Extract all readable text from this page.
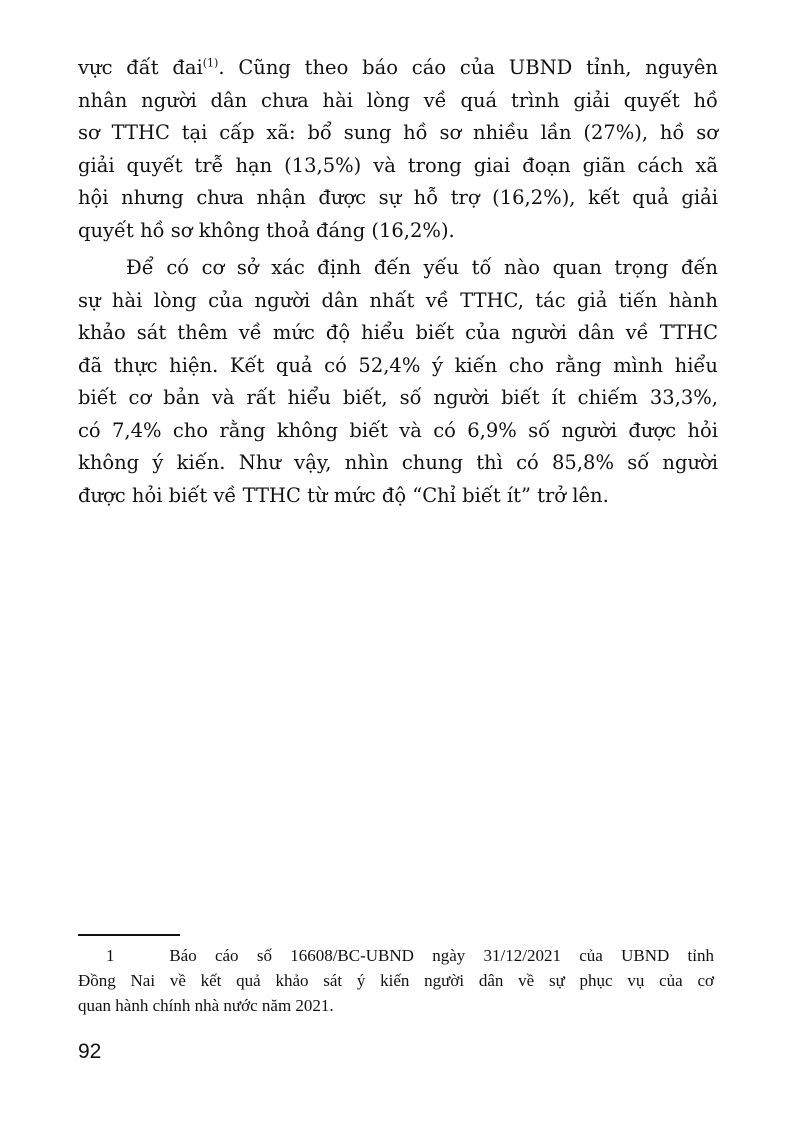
vực đất đai$^{(1)}$. Cũng theo báo cáo của UBND tỉnh, nguyên
nhân người dân chưa hài lòng về quá trình giải quyết hồ
sơ TTHC tại cấp xã: bổ sung hồ sơ nhiều lần (27%), hồ sơ
giải quyết trễ hạn (13,5%) và trong giai đoạn giãn cách xã
hội nhưng chưa nhận được sự hỗ trợ (16,2%), kết quả giải
quyết hồ sơ không thoả đáng (16,2%).
Để có cơ sở xác định đến yếu tố nào quan trọng đến
sự hài lòng của người dân nhất về TTHC, tác giả tiến hành
khảo sát thêm về mức độ hiểu biết của người dân về TTHC
đã thực hiện. Kết quả có 52,4% ý kiến cho rằng mình hiểu
biết cơ bản và rất hiểu biết, số người biết ít chiếm 33,3%,
có 7,4% cho rằng không biết và có 6,9% số người được hỏi
không ý kiến. Như vậy, nhìn chung thì có 85,8% số người
được hỏi biết về TTHC từ mức độ “Chỉ biết ít” trở lên.
1	Báo cáo số 16608/BC-UBND ngày 31/12/2021 của UBND tỉnh
Đồng Nai về kết quả khảo sát ý kiến người dân về sự phục vụ của cơ
quan hành chính nhà nước năm 2021.
92
